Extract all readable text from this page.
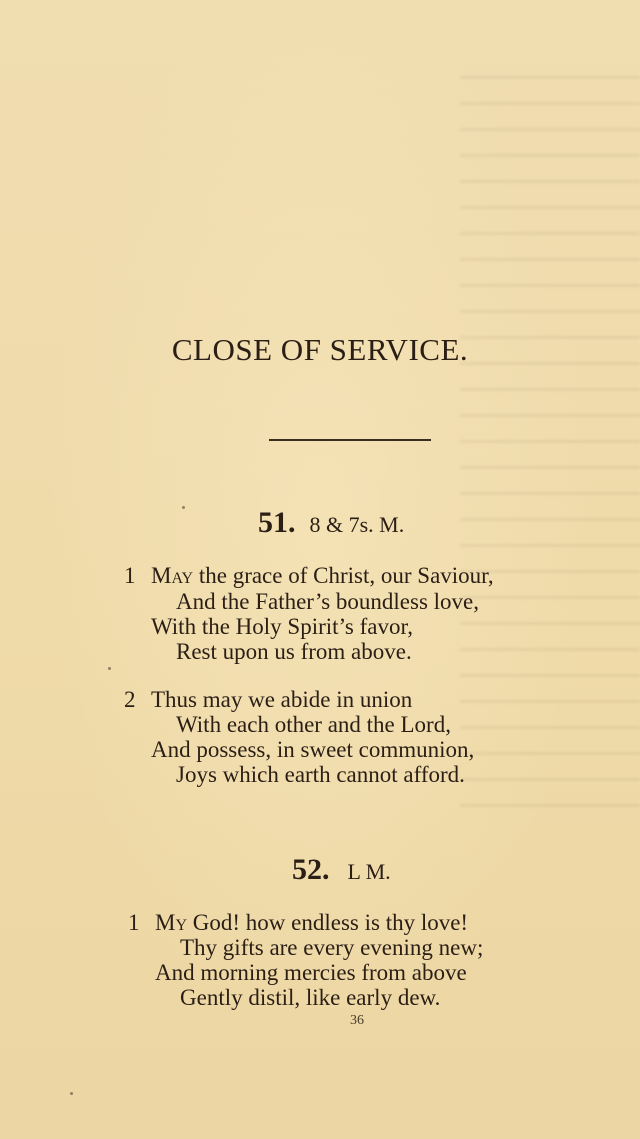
CLOSE OF SERVICE.
51. 8 & 7s. M.
1 May the grace of Christ, our Saviour,
And the Father’s boundless love,
With the Holy Spirit’s favor,
Rest upon us from above.
2 Thus may we abide in union
With each other and the Lord,
And possess, in sweet communion,
Joys which earth cannot afford.
52. L M.
1 My God! how endless is thy love!
Thy gifts are every evening new;
And morning mercies from above
Gently distil, like early dew.
36
